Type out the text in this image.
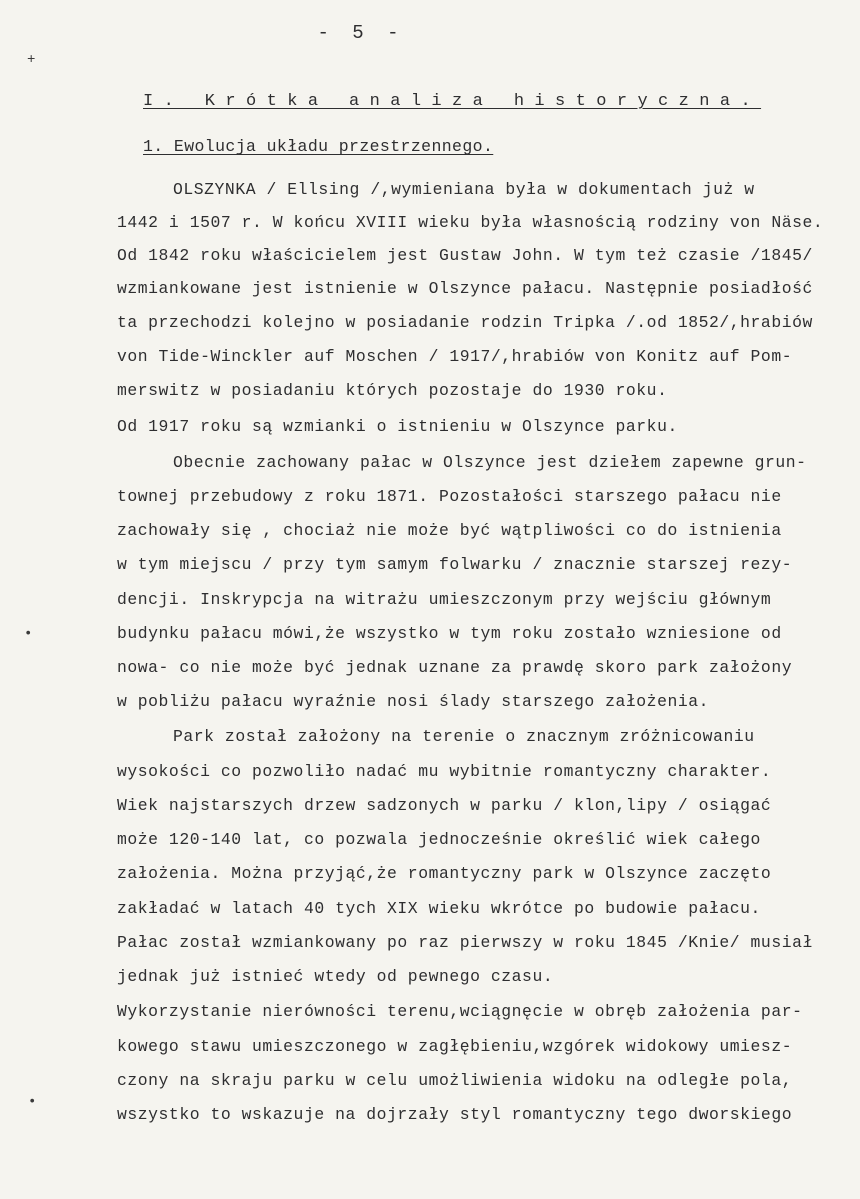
- 5 -
+
•
•
I. Krótka analiza historyczna.
1. Ewolucja układu przestrzennego.
OLSZYNKA / Ellsing /,wymieniana była w dokumentach już w
1442 i 1507 r. W końcu XVIII wieku była własnością rodziny von Näse.
Od 1842 roku właścicielem jest Gustaw John. W tym też czasie /1845/
wzmiankowane jest istnienie w Olszynce pałacu. Następnie posiadłość
ta przechodzi kolejno w posiadanie rodzin Tripka /.od 1852/,hrabiów
von Tide-Winckler auf Moschen / 1917/,hrabiów von Konitz auf Pom-
merswitz w posiadaniu których pozostaje do 1930 roku.
Od 1917 roku są wzmianki o istnieniu w Olszynce parku.
Obecnie zachowany pałac w Olszynce jest dziełem zapewne grun-
townej przebudowy z roku 1871. Pozostałości starszego pałacu nie
zachowały się , chociaż nie może być wątpliwości co do istnienia
w tym miejscu / przy tym samym folwarku / znacznie starszej rezy-
dencji. Inskrypcja na witrażu umieszczonym przy wejściu głównym
budynku pałacu mówi,że wszystko w tym roku zostało wzniesione od
nowa- co nie może być jednak uznane za prawdę skoro park założony
w pobliżu pałacu wyraźnie nosi ślady starszego założenia.
Park został założony na terenie o znacznym zróżnicowaniu
wysokości co pozwoliło nadać mu wybitnie romantyczny charakter.
Wiek najstarszych drzew sadzonych w parku / klon,lipy / osiągać
może 120-140 lat, co pozwala jednocześnie określić wiek całego
założenia. Można przyjąć,że romantyczny park w Olszynce zaczęto
zakładać w latach 40 tych XIX wieku wkrótce po budowie pałacu.
Pałac został wzmiankowany po raz pierwszy w roku 1845 /Knie/ musiał
jednak już istnieć wtedy od pewnego czasu.
Wykorzystanie nierówności terenu,wciągnęcie w obręb założenia par-
kowego stawu umieszczonego w zagłębieniu,wzgórek widokowy umiesz-
czony na skraju parku w celu umożliwienia widoku na odległe pola,
wszystko to wskazuje na dojrzały styl romantyczny tego dworskiego
